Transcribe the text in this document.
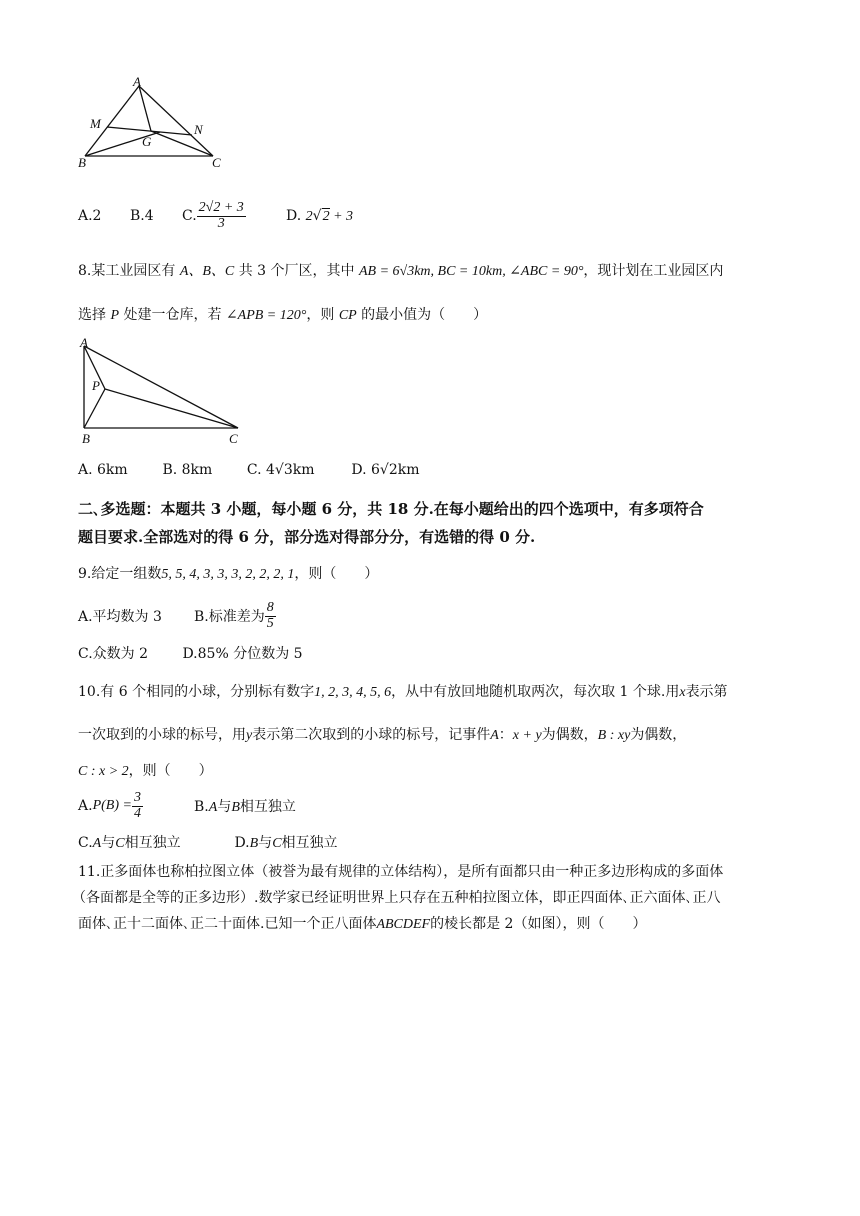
A
M	N
G
B	C
A.2	B.4	C. $\frac{2√2 + 3}{3}$	D. 2√2 + 3
8.某工业园区有 A、B、C 共 3 个厂区，其中 AB = 6√3km, BC = 10km, ∠ABC = 90°，现计划在工业园区内
选择 P 处建一仓库，若 ∠APB = 120°，则 CP 的最小值为（　　）
A
P
B	C
A. 6km B. 8km C. 4√3km	D. 6√2km
二､多选题：本题共 3 小题，每小题 6 分，共 18 分.在每小题给出的四个选项中，有多项符合
题目要求.全部选对的得 6 分，部分选对得部分分，有选错的得 0 分.
9.给定一组数5, 5, 4, 3, 3, 3, 2, 2, 2, 1，则（　　）
A.平均数为 3	B.标准差为 $\frac{8}{5}$
C.众数为 2 D.85% 分位数为 5
10.有 6 个相同的小球，分别标有数字1, 2, 3, 4, 5, 6，从中有放回地随机取两次，每次取 1 个球.用x表示第
一次取到的小球的标号，用y表示第二次取到的小球的标号，记事件A：x + y为偶数，B : xy为偶数，
C : x > 2，则（　　）
A. $P(B) = \frac{3}{4}$	B.A与B相互独立
C.A与C相互独立	D.B与C相互独立
11.正多面体也称柏拉图立体（被誉为最有规律的立体结构），是所有面都只由一种正多边形构成的多面体
（各面都是全等的正多边形）.数学家已经证明世界上只存在五种柏拉图立体，即正四面体､正六面体､正八
面体､正十二面体､正二十面体.已知一个正八面体ABCDEF的棱长都是 2（如图），则（　　）
